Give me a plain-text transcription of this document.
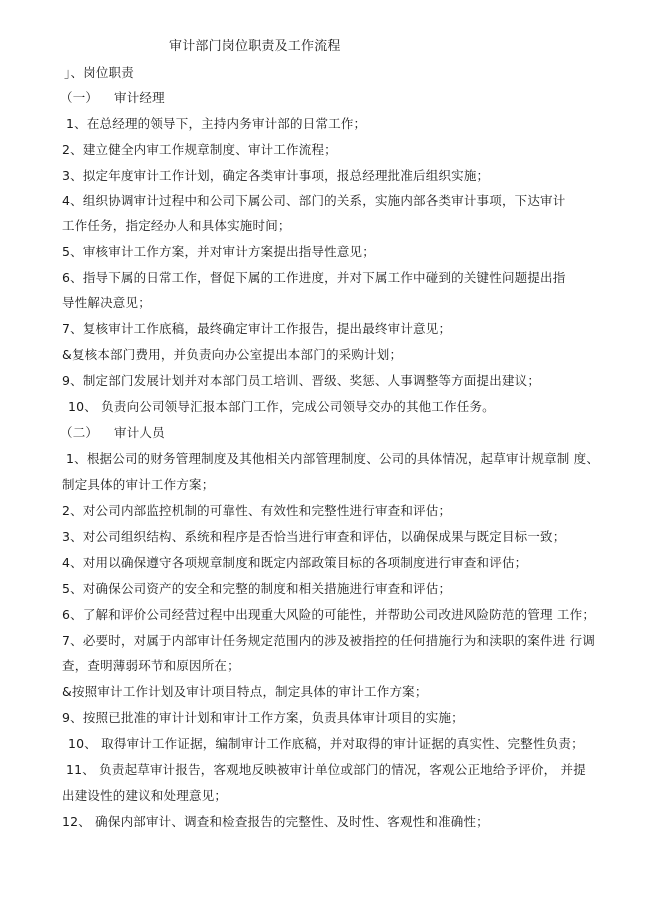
审计部门岗位职责及工作流程
」、岗位职责
（一） 审计经理
1、在总经理的领导下，主持内务审计部的日常工作；
2、建立健全内审工作规章制度、审计工作流程；
3、拟定年度审计工作计划，确定各类审计事项，报总经理批准后组织实施；
4、组织协调审计过程中和公司下属公司、部门的关系，实施内部各类审计事项，下达审计
工作任务，指定经办人和具体实施时间；
5、审核审计工作方案，并对审计方案提出指导性意见；
6、指导下属的日常工作，督促下属的工作进度，并对下属工作中碰到的关键性问题提出指
导性解决意见；
7、复核审计工作底稿，最终确定审计工作报告，提出最终审计意见；
&复核本部门费用，并负责向办公室提出本部门的采购计划；
9、制定部门发展计划并对本部门员工培训、晋级、奖惩、人事调整等方面提出建议；
10、 负责向公司领导汇报本部门工作，完成公司领导交办的其他工作任务。
（二） 审计人员
1、根据公司的财务管理制度及其他相关内部管理制度、公司的具体情况，起草审计规章制 度、
制定具体的审计工作方案；
2、对公司内部监控机制的可靠性、有效性和完整性进行审查和评估；
3、对公司组织结构、系统和程序是否恰当进行审查和评估，以确保成果与既定目标一致；
4、对用以确保遵守各项规章制度和既定内部政策目标的各项制度进行审查和评估；
5、对确保公司资产的安全和完整的制度和相关措施进行审查和评估；
6、了解和评价公司经营过程中出现重大风险的可能性，并帮助公司改进风险防范的管理 工作；
7、必要时，对属于内部审计任务规定范围内的涉及被指控的任何措施行为和渎职的案件进 行调
查，查明薄弱环节和原因所在；
&按照审计工作计划及审计项目特点，制定具体的审计工作方案；
9、按照已批准的审计计划和审计工作方案，负责具体审计项目的实施；
10、 取得审计工作证据，编制审计工作底稿，并对取得的审计证据的真实性、完整性负责；
11、 负责起草审计报告，客观地反映被审计单位或部门的情况，客观公正地给予评价， 并提
出建设性的建议和处理意见；
12、 确保内部审计、调查和检查报告的完整性、及时性、客观性和准确性；
